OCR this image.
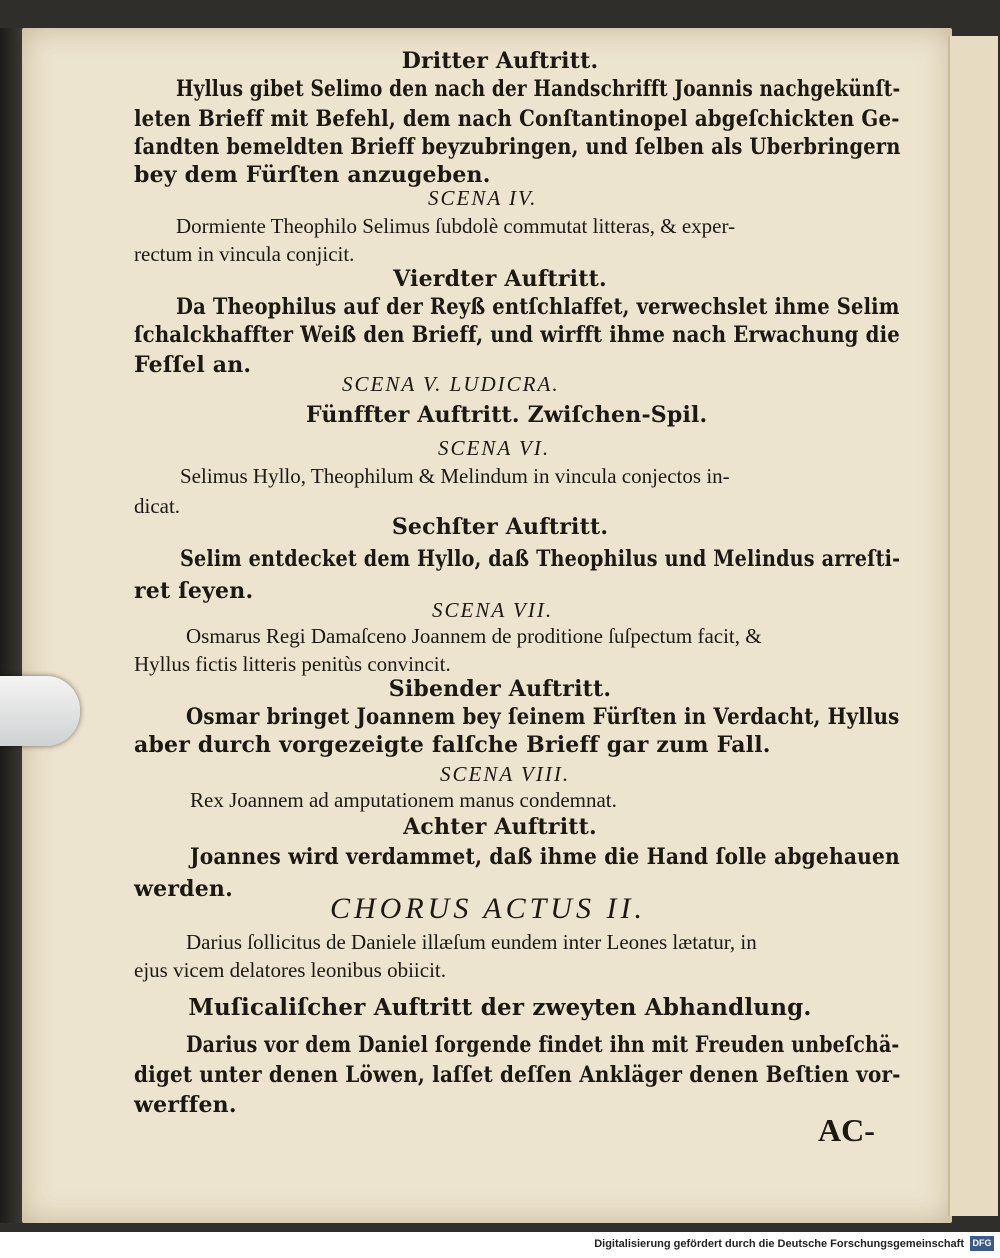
Dritter Auftritt.
Hyllus gibet Selimo den nach der Handschrifft Joannis nachgekünſt-
leten Brieff mit Befehl, dem nach Conſtantinopel abgeſchickten Ge-
ſandten bemeldten Brieff beyzubringen, und ſelben als Uberbringern
bey dem Fürſten anzugeben.
SCENA IV.
Dormiente Theophilo Selimus ſubdolè commutat litteras, & exper-
rectum in vincula conjicit.
Vierdter Auftritt.
Da Theophilus auf der Reyß entſchlaffet, verwechslet ihme Selim
ſchalckhaffter Weiß den Brieff, und wirfft ihme nach Erwachung die
Feſſel an.
SCENA V. LUDICRA.
Fünffter Auftritt. Zwiſchen-Spil.
SCENA VI.
Selimus Hyllo, Theophilum & Melindum in vincula conjectos in-
dicat.
Sechſter Auftritt.
Selim entdecket dem Hyllo, daß Theophilus und Melindus arreſti-
ret ſeyen.
SCENA VII.
Osmarus Regi Damaſceno Joannem de proditione ſuſpectum facit, &
Hyllus fictis litteris penitùs convincit.
Sibender Auftritt.
Osmar bringet Joannem bey ſeinem Fürſten in Verdacht, Hyllus
aber durch vorgezeigte falſche Brieff gar zum Fall.
SCENA VIII.
Rex Joannem ad amputationem manus condemnat.
Achter Auftritt.
Joannes wird verdammet, daß ihme die Hand ſolle abgehauen
werden.
CHORUS ACTUS II.
Darius ſollicitus de Daniele illæſum eundem inter Leones lætatur, in
ejus vicem delatores leonibus obiicit.
Muſicaliſcher Auftritt der zweyten Abhandlung.
Darius vor dem Daniel ſorgende findet ihn mit Freuden unbeſchä-
diget unter denen Löwen, laſſet deſſen Ankläger denen Beſtien vor-
werffen.
AC-
Digitalisierung gefördert durch die Deutsche Forschungsgemeinschaft DFG
